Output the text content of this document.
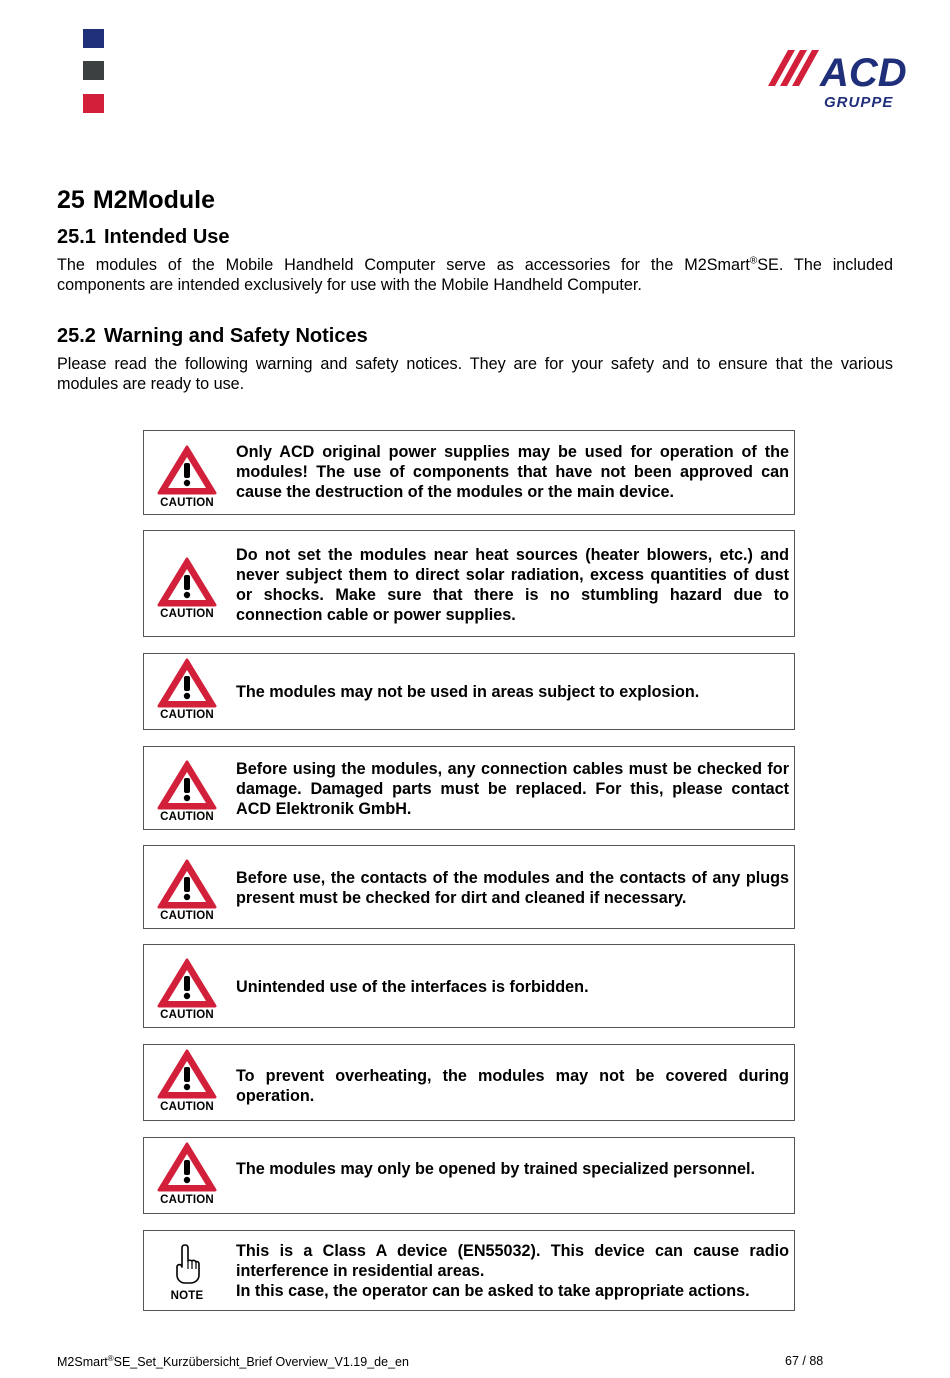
ACD
GRUPPE
25 M2Module
25.1 Intended Use

The modules of the Mobile Handheld Computer serve as accessories for the M2Smart®SE. The included components are intended exclusively for use with the Mobile Handheld Computer.

25.2 Warning and Safety Notices

Please read the following warning and safety notices. They are for your safety and to ensure that the various modules are ready to use.

CAUTION

Only ACD original power supplies may be used for operation of the modules! The use of components that have not been approved can cause the destruction of the modules or the main device.

CAUTION

Do not set the modules near heat sources (heater blowers, etc.) and never subject them to direct solar radiation, excess quantities of dust or shocks. Make sure that there is no stumbling hazard due to connection cable or power supplies.

CAUTION

The modules may not be used in areas subject to explosion.

CAUTION

Before using the modules, any connection cables must be checked for damage. Damaged parts must be replaced. For this, please contact ACD Elektronik GmbH.

CAUTION

Before use, the contacts of the modules and the contacts of any plugs present must be checked for dirt and cleaned if necessary.

CAUTION

Unintended use of the interfaces is forbidden.

CAUTION

To prevent overheating, the modules may not be covered during operation.

CAUTION

The modules may only be opened by trained specialized personnel.

NOTE

This is a Class A device (EN55032). This device can cause radio interference in residential areas.
In this case, the operator can be asked to take appropriate actions.

M2Smart®SE_Set_Kurzübersicht_Brief Overview_V1.19_de_en	67 / 88
